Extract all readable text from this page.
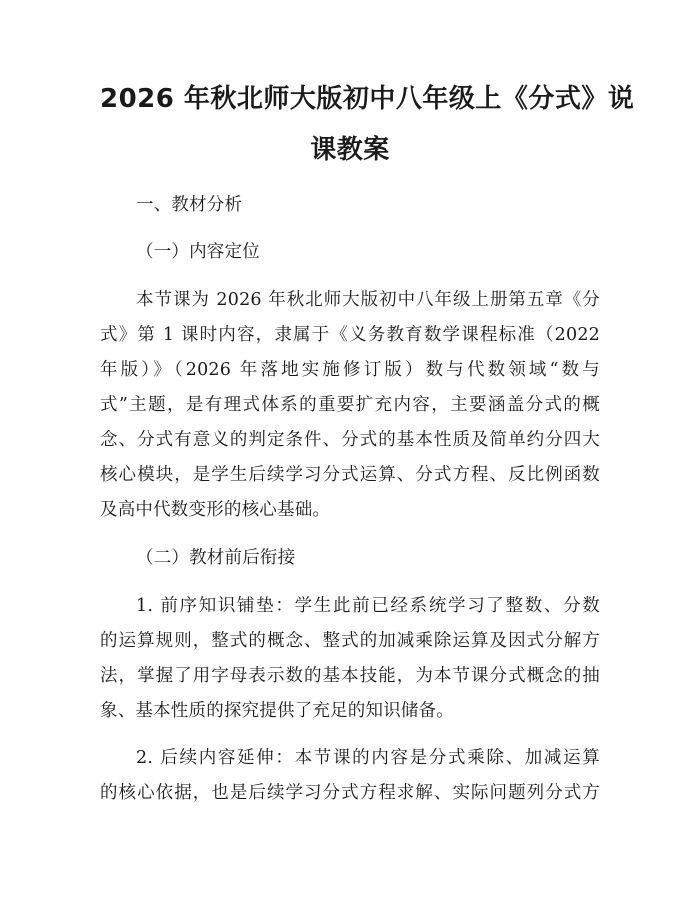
2026 年秋北师大版初中八年级上《分式》说
课教案

一、教材分析

（一）内容定位

本节课为 2026 年秋北师大版初中八年级上册第五章《分

式》第 1 课时内容，隶属于《义务教育数学课程标准（2022

年版）》（2026 年落地实施修订版）数与代数领域“数与

式”主题，是有理式体系的重要扩充内容，主要涵盖分式的概

念、分式有意义的判定条件、分式的基本性质及简单约分四大

核心模块，是学生后续学习分式运算、分式方程、反比例函数

及高中代数变形的核心基础。

（二）教材前后衔接

1. 前序知识铺垫：学生此前已经系统学习了整数、分数

的运算规则，整式的概念、整式的加减乘除运算及因式分解方

法，掌握了用字母表示数的基本技能，为本节课分式概念的抽

象、基本性质的探究提供了充足的知识储备。

2. 后续内容延伸：本节课的内容是分式乘除、加减运算

的核心依据，也是后续学习分式方程求解、实际问题列分式方
